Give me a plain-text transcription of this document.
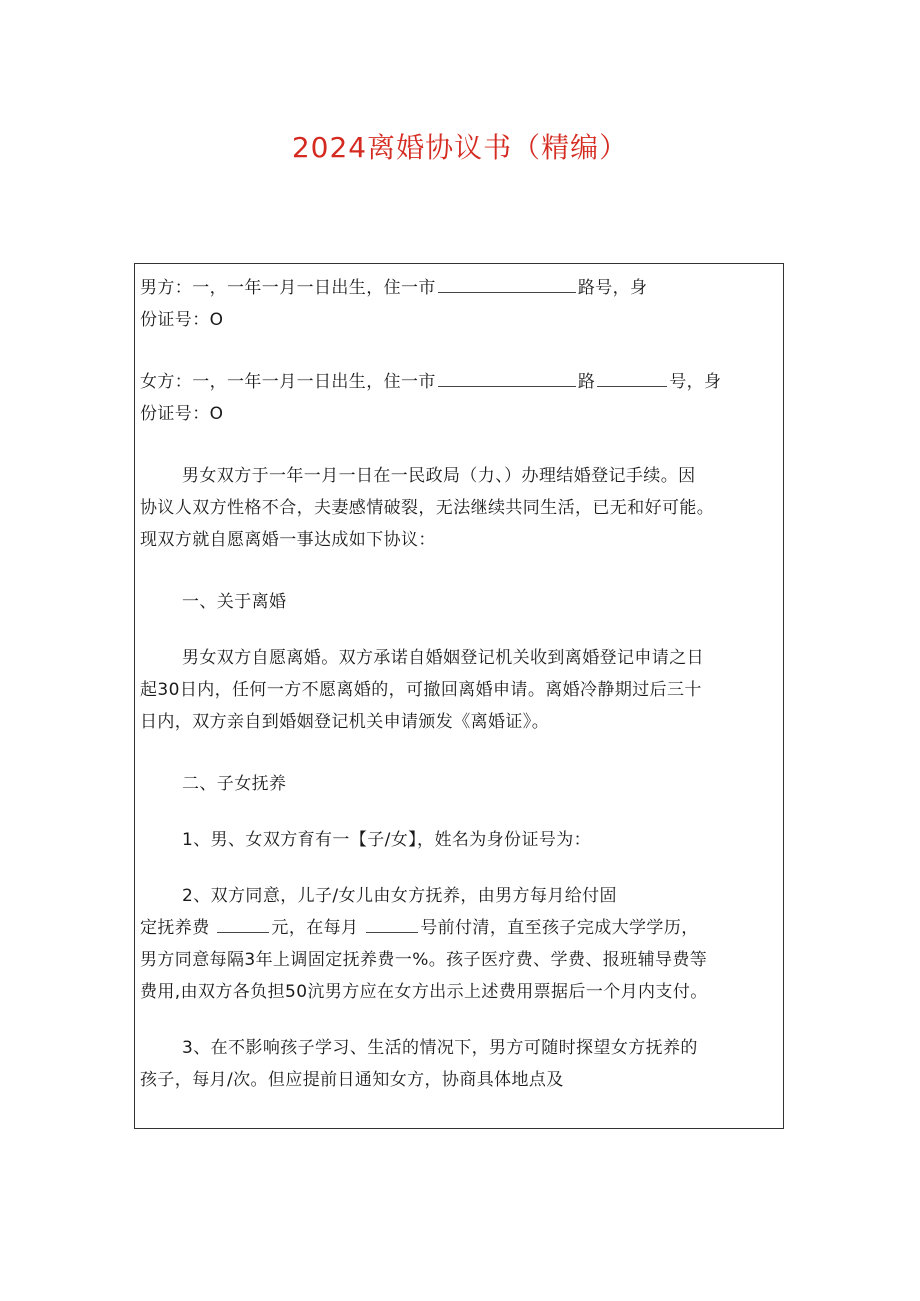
2024离婚协议书（精编）
男方：一，一年一月一日出生，住一市	路号，身
份证号：O
女方：一，一年一月一日出生，住一市	路	号，身
份证号：O
男女双方于一年一月一日在一民政局（力、）办理结婚登记手续。因
协议人双方性格不合，夫妻感情破裂，无法继续共同生活，已无和好可能。
现双方就自愿离婚一事达成如下协议：
一、关于离婚
男女双方自愿离婚。双方承诺自婚姻登记机关收到离婚登记申请之日
起30日内，任何一方不愿离婚的，可撤回离婚申请。离婚冷静期过后三十
日内，双方亲自到婚姻登记机关申请颁发《离婚证》。
二、子女抚养
1、男、女双方育有一【子/女】，姓名为身份证号为：
2、双方同意，儿子/女儿由女方抚养，由男方每月给付固
定抚养费	元，在每月	号前付清，直至孩子完成大学学历，
男方同意每隔3年上调固定抚养费一%。孩子医疗费、学费、报班辅导费等
费用,由双方各负担50沆男方应在女方出示上述费用票据后一个月内支付。
3、在不影响孩子学习、生活的情况下，男方可随时探望女方抚养的
孩子，每月/次。但应提前日通知女方，协商具体地点及
